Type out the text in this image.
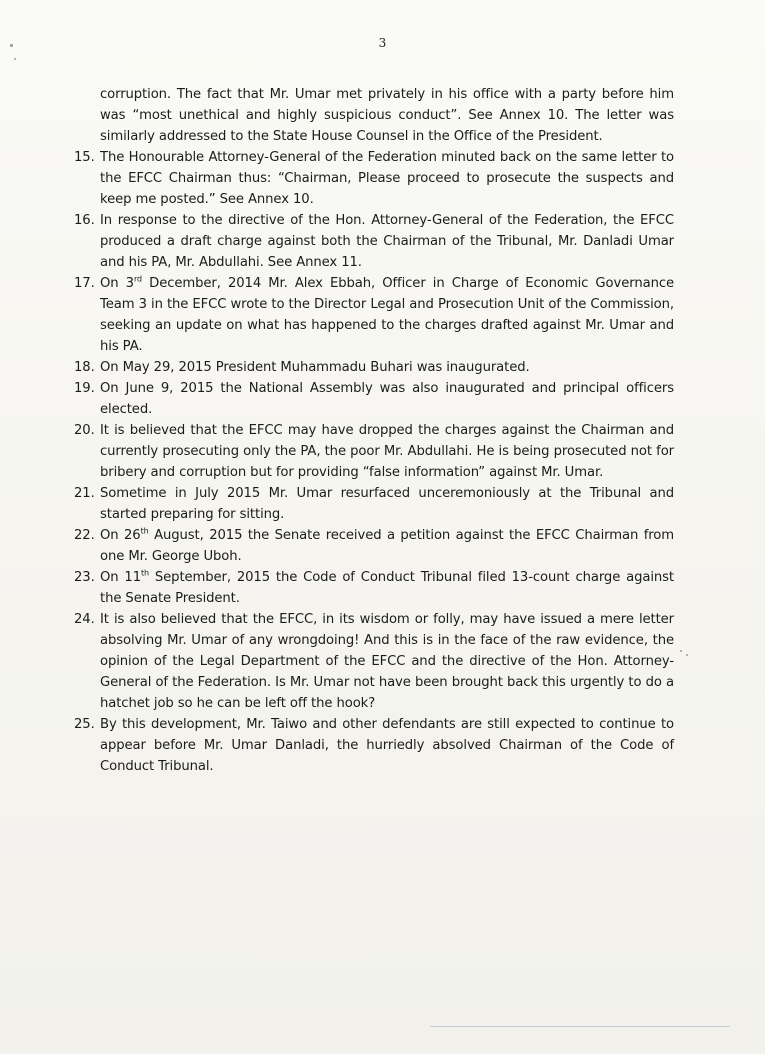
3

corruption. The fact that Mr. Umar met privately in his office with a party before him was “most unethical and highly suspicious conduct”. See Annex 10. The letter was similarly addressed to the State House Counsel in the Office of the President.

15. The Honourable Attorney-General of the Federation minuted back on the same letter to the EFCC Chairman thus: “Chairman, Please proceed to prosecute the suspects and keep me posted.” See Annex 10.
16. In response to the directive of the Hon. Attorney-General of the Federation, the EFCC produced a draft charge against both the Chairman of the Tribunal, Mr. Danladi Umar and his PA, Mr. Abdullahi. See Annex 11.
17. On 3rd December, 2014 Mr. Alex Ebbah, Officer in Charge of Economic Governance Team 3 in the EFCC wrote to the Director Legal and Prosecution Unit of the Commission, seeking an update on what has happened to the charges drafted against Mr. Umar and his PA.
18. On May 29, 2015 President Muhammadu Buhari was inaugurated.
19. On June 9, 2015 the National Assembly was also inaugurated and principal officers elected.
20. It is believed that the EFCC may have dropped the charges against the Chairman and currently prosecuting only the PA, the poor Mr. Abdullahi. He is being prosecuted not for bribery and corruption but for providing “false information” against Mr. Umar.
21. Sometime in July 2015 Mr. Umar resurfaced unceremoniously at the Tribunal and started preparing for sitting.
22. On 26th August, 2015 the Senate received a petition against the EFCC Chairman from one Mr. George Uboh.
23. On 11th September, 2015 the Code of Conduct Tribunal filed 13-count charge against the Senate President.
24. It is also believed that the EFCC, in its wisdom or folly, may have issued a mere letter absolving Mr. Umar of any wrongdoing! And this is in the face of the raw evidence, the opinion of the Legal Department of the EFCC and the directive of the Hon. Attorney-General of the Federation. Is Mr. Umar not have been brought back this urgently to do a hatchet job so he can be left off the hook?
25. By this development, Mr. Taiwo and other defendants are still expected to continue to appear before Mr. Umar Danladi, the hurriedly absolved Chairman of the Code of Conduct Tribunal.
